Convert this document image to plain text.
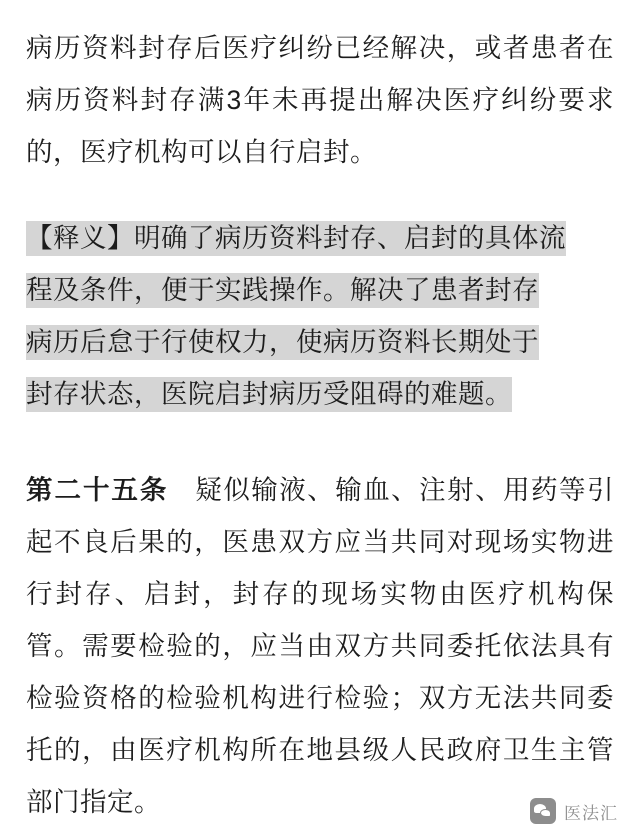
病历资料封存后医疗纠纷已经解决，或者患者在病历资料封存满3年未再提出解决医疗纠纷要求的，医疗机构可以自行启封。

【释义】明确了病历资料封存、启封的具体流
程及条件，便于实践操作。解决了患者封存
病历后怠于行使权力，使病历资料长期处于
封存状态，医院启封病历受阻碍的难题。

第二十五条 疑似输液、输血、注射、用药等引起不良后果的，医患双方应当共同对现场实物进行封存、启封，封存的现场实物由医疗机构保管。需要检验的，应当由双方共同委托依法具有检验资格的检验机构进行检验；双方无法共同委托的，由医疗机构所在地县级人民政府卫生主管部门指定。	医法汇
